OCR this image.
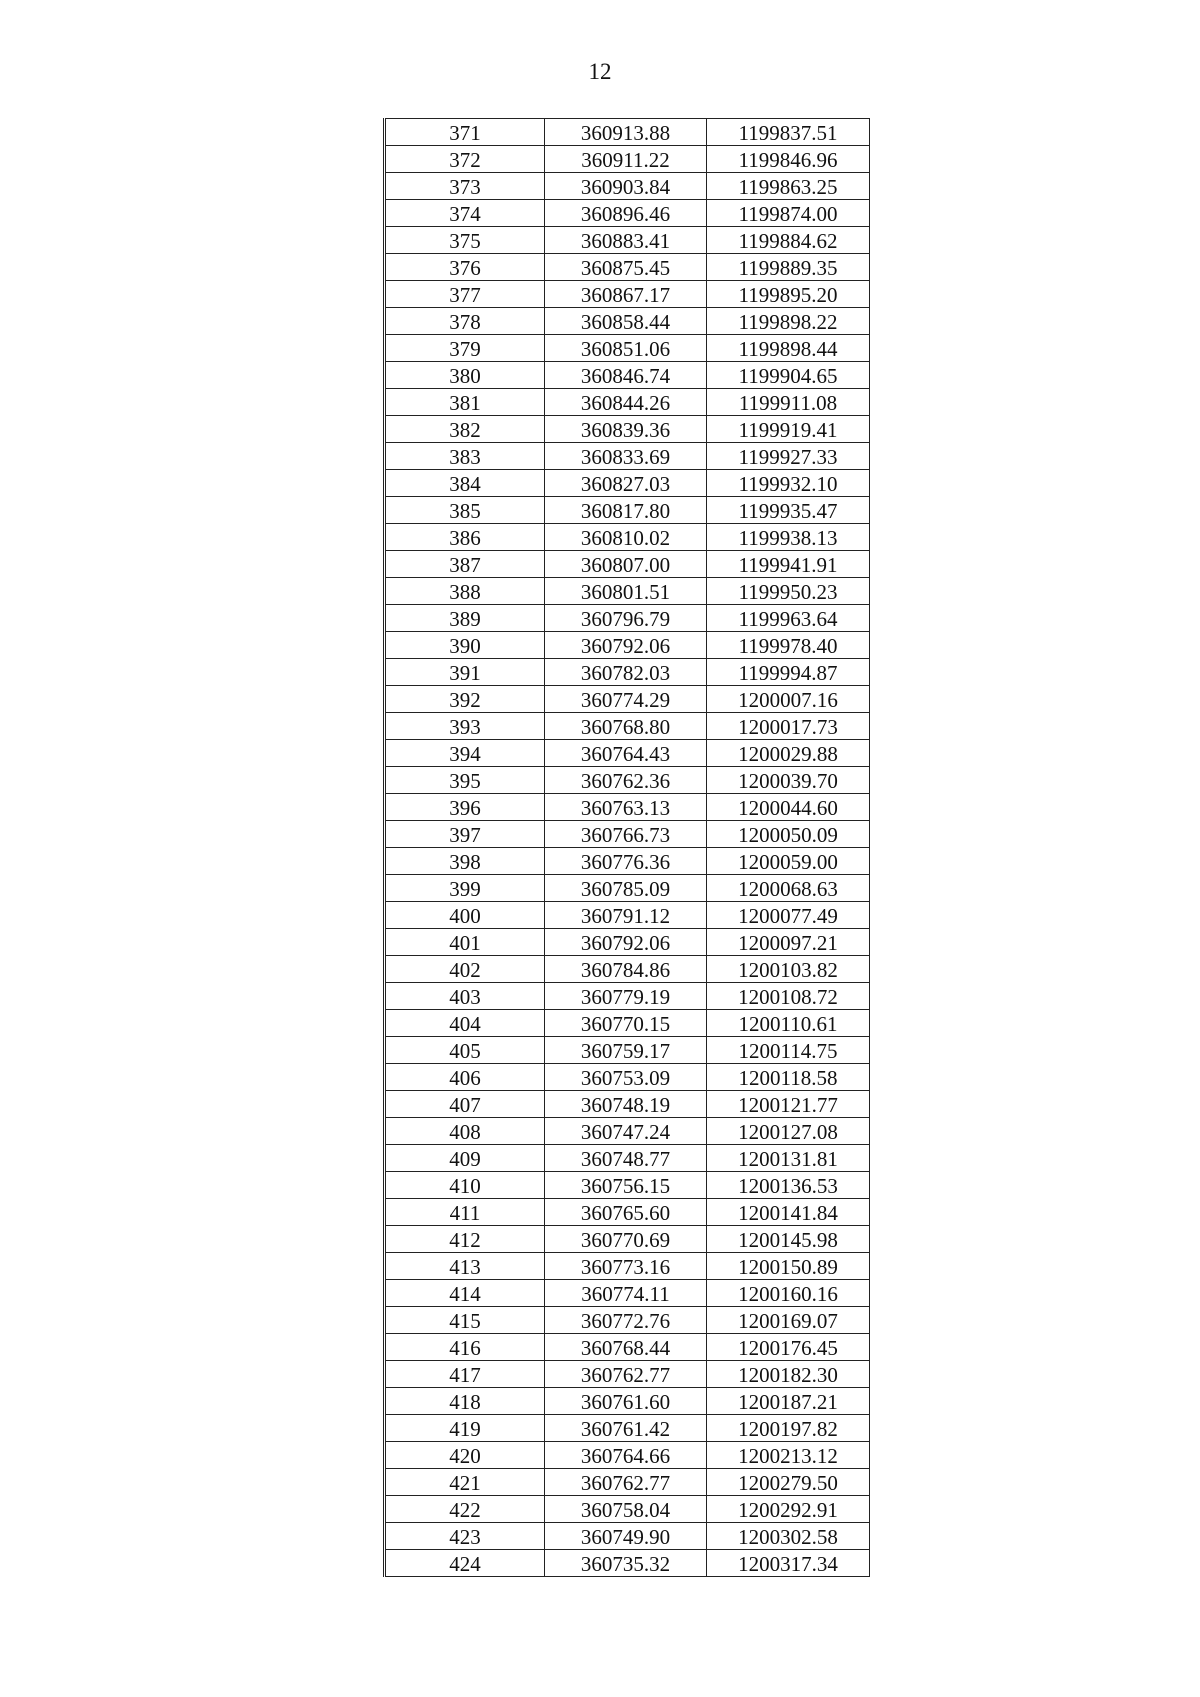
12
371	360913.88	1199837.51
372	360911.22	1199846.96
373	360903.84	1199863.25
374	360896.46	1199874.00
375	360883.41	1199884.62
376	360875.45	1199889.35
377	360867.17	1199895.20
378	360858.44	1199898.22
379	360851.06	1199898.44
380	360846.74	1199904.65
381	360844.26	1199911.08
382	360839.36	1199919.41
383	360833.69	1199927.33
384	360827.03	1199932.10
385	360817.80	1199935.47
386	360810.02	1199938.13
387	360807.00	1199941.91
388	360801.51	1199950.23
389	360796.79	1199963.64
390	360792.06	1199978.40
391	360782.03	1199994.87
392	360774.29	1200007.16
393	360768.80	1200017.73
394	360764.43	1200029.88
395	360762.36	1200039.70
396	360763.13	1200044.60
397	360766.73	1200050.09
398	360776.36	1200059.00
399	360785.09	1200068.63
400	360791.12	1200077.49
401	360792.06	1200097.21
402	360784.86	1200103.82
403	360779.19	1200108.72
404	360770.15	1200110.61
405	360759.17	1200114.75
406	360753.09	1200118.58
407	360748.19	1200121.77
408	360747.24	1200127.08
409	360748.77	1200131.81
410	360756.15	1200136.53
411	360765.60	1200141.84
412	360770.69	1200145.98
413	360773.16	1200150.89
414	360774.11	1200160.16
415	360772.76	1200169.07
416	360768.44	1200176.45
417	360762.77	1200182.30
418	360761.60	1200187.21
419	360761.42	1200197.82
420	360764.66	1200213.12
421	360762.77	1200279.50
422	360758.04	1200292.91
423	360749.90	1200302.58
424	360735.32	1200317.34
